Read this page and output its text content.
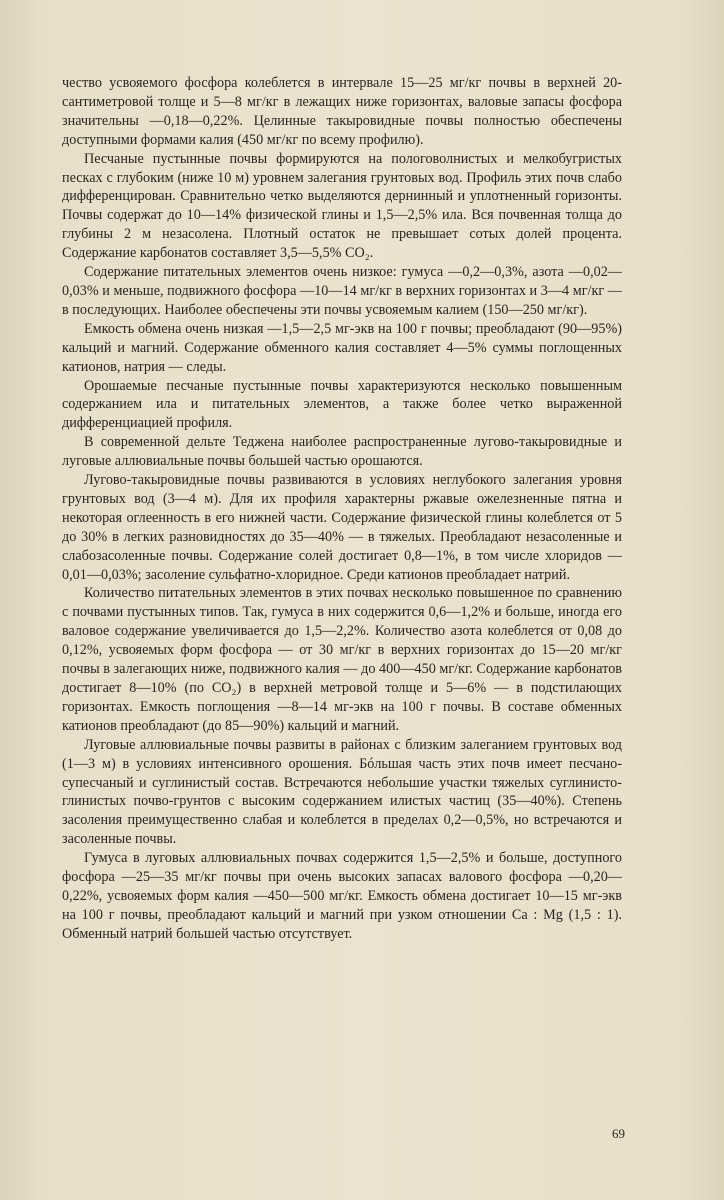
чество усвояемого фосфора колеблется в интервале 15—25 мг/кг почвы в верхней 20-сантиметровой толще и 5—8 мг/кг в лежащих ниже горизонтах, валовые запасы фосфора значительны —0,18—0,22%. Целинные такыровидные почвы полностью обеспечены доступными формами калия (450 мг/кг по всему профилю).

Песчаные пустынные почвы формируются на пологоволнистых и мелкобугристых песках с глубоким (ниже 10 м) уровнем залегания грунтовых вод. Профиль этих почв слабо дифференцирован. Сравнительно четко выделяются дернинный и уплотненный горизонты. Почвы содержат до 10—14% физической глины и 1,5—2,5% ила. Вся почвенная толща до глубины 2 м незасолена. Плотный остаток не превышает сотых долей процента. Содержание карбонатов составляет 3,5—5,5% CO₂.

Содержание питательных элементов очень низкое: гумуса —0,2—0,3%, азота —0,02—0,03% и меньше, подвижного фосфора —10—14 мг/кг в верхних горизонтах и 3—4 мг/кг — в последующих. Наиболее обеспечены эти почвы усвояемым калием (150—250 мг/кг).

Емкость обмена очень низкая —1,5—2,5 мг-экв на 100 г почвы; преобладают (90—95%) кальций и магний. Содержание обменного калия составляет 4—5% суммы поглощенных катионов, натрия — следы.

Орошаемые песчаные пустынные почвы характеризуются несколько повышенным содержанием ила и питательных элементов, а также более четко выраженной дифференциацией профиля.

В современной дельте Теджена наиболее распространенные лугово-такыровидные и луговые аллювиальные почвы большей частью орошаются.

Лугово-такыровидные почвы развиваются в условиях неглубокого залегания уровня грунтовых вод (3—4 м). Для их профиля характерны ржавые ожелезненные пятна и некоторая оглеенность в его нижней части. Содержание физической глины колеблется от 5 до 30% в легких разновидностях до 35—40% — в тяжелых. Преобладают незасоленные и слабозасоленные почвы. Содержание солей достигает 0,8—1%, в том числе хлоридов — 0,01—0,03%; засоление сульфатно-хлоридное. Среди катионов преобладает натрий.

Количество питательных элементов в этих почвах несколько повышенное по сравнению с почвами пустынных типов. Так, гумуса в них содержится 0,6—1,2% и больше, иногда его валовое содержание увеличивается до 1,5—2,2%. Количество азота колеблется от 0,08 до 0,12%, усвояемых форм фосфора — от 30 мг/кг в верхних горизонтах до 15—20 мг/кг почвы в залегающих ниже, подвижного калия — до 400—450 мг/кг. Содержание карбонатов достигает 8—10% (по CO₂) в верхней метровой толще и 5—6% — в подстилающих горизонтах. Емкость поглощения —8—14 мг-экв на 100 г почвы. В составе обменных катионов преобладают (до 85—90%) кальций и магний.

Луговые аллювиальные почвы развиты в районах с близким залеганием грунтовых вод (1—3 м) в условиях интенсивного орошения. Бóльшая часть этих почв имеет песчано-супесчаный и суглинистый состав. Встречаются небольшие участки тяжелых суглинисто-глинистых почво-грунтов с высоким содержанием илистых частиц (35—40%). Степень засоления преимущественно слабая и колеблется в пределах 0,2—0,5%, но встречаются и засоленные почвы.

Гумуса в луговых аллювиальных почвах содержится 1,5—2,5% и больше, доступного фосфора —25—35 мг/кг почвы при очень высоких запасах валового фосфора —0,20—0,22%, усвояемых форм калия —450—500 мг/кг. Емкость обмена достигает 10—15 мг-экв на 100 г почвы, преобладают кальций и магний при узком отношении Ca : Mg (1,5 : 1). Обменный натрий большей частью отсутствует.

69
